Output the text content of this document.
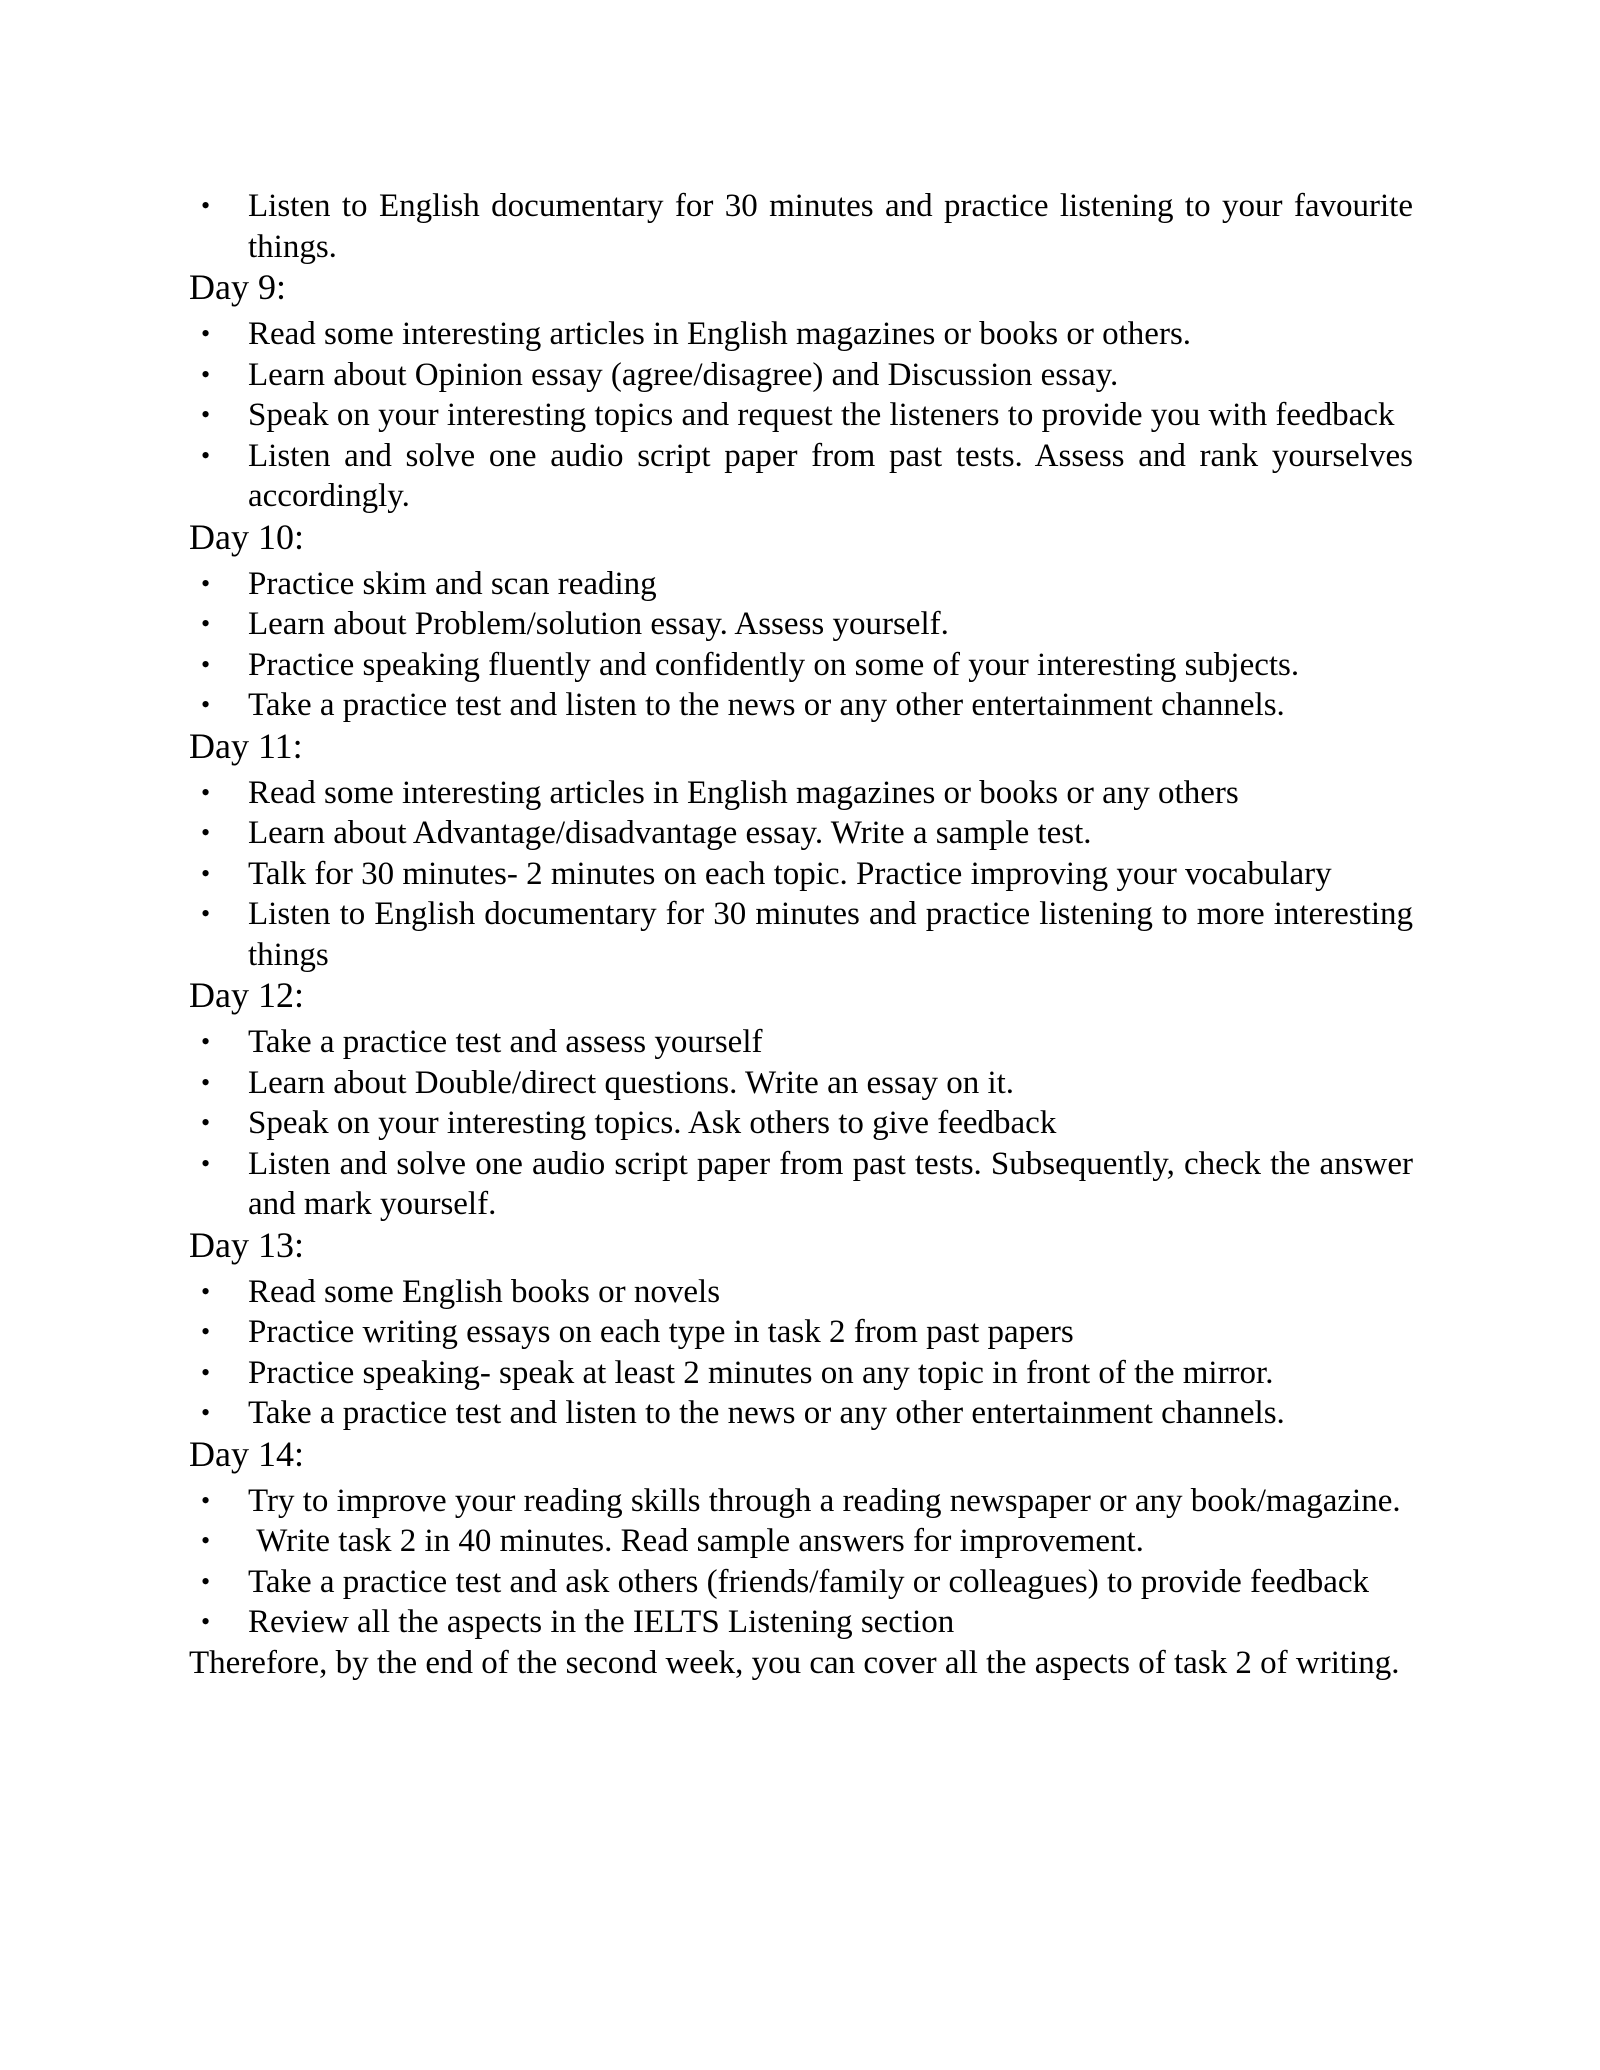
• Listen to English documentary for 30 minutes and practice listening to your favourite things.
Day 9:
• Read some interesting articles in English magazines or books or others.
• Learn about Opinion essay (agree/disagree) and Discussion essay.
• Speak on your interesting topics and request the listeners to provide you with feedback
• Listen and solve one audio script paper from past tests. Assess and rank yourselves accordingly.
Day 10:
• Practice skim and scan reading
• Learn about Problem/solution essay. Assess yourself.
• Practice speaking fluently and confidently on some of your interesting subjects.
• Take a practice test and listen to the news or any other entertainment channels.
Day 11:
• Read some interesting articles in English magazines or books or any others
• Learn about Advantage/disadvantage essay. Write a sample test.
• Talk for 30 minutes- 2 minutes on each topic. Practice improving your vocabulary
• Listen to English documentary for 30 minutes and practice listening to more interesting things
Day 12:
• Take a practice test and assess yourself
• Learn about Double/direct questions. Write an essay on it.
• Speak on your interesting topics. Ask others to give feedback
• Listen and solve one audio script paper from past tests. Subsequently, check the answer and mark yourself.
Day 13:
• Read some English books or novels
• Practice writing essays on each type in task 2 from past papers
• Practice speaking- speak at least 2 minutes on any topic in front of the mirror.
• Take a practice test and listen to the news or any other entertainment channels.
Day 14:
• Try to improve your reading skills through a reading newspaper or any book/magazine.
• Write task 2 in 40 minutes. Read sample answers for improvement.
• Take a practice test and ask others (friends/family or colleagues) to provide feedback
• Review all the aspects in the IELTS Listening section

Therefore, by the end of the second week, you can cover all the aspects of task 2 of writing.
